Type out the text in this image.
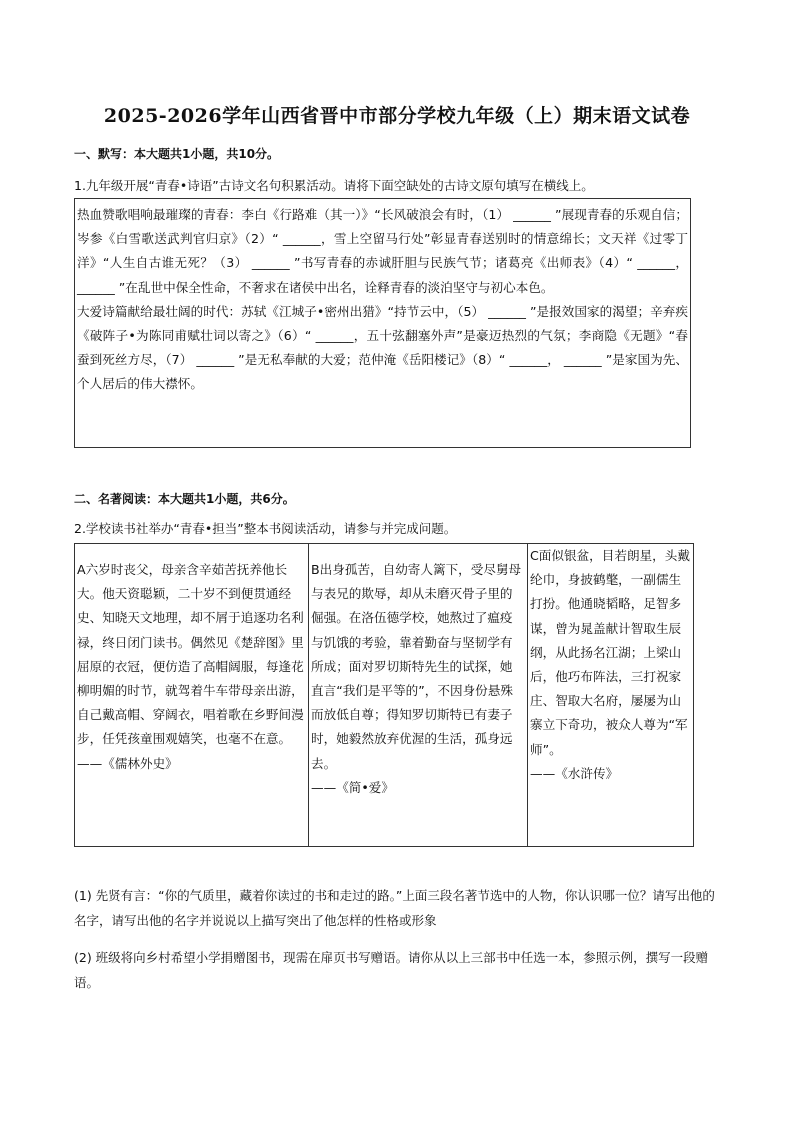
2025-2026学年山西省晋中市部分学校九年级（上）期末语文试卷
一、默写：本大题共1小题，共10分。
1.九年级开展“青春•诗语”古诗文名句积累活动。请将下面空缺处的古诗文原句填写在横线上。

热血赞歌唱响最璀璨的青春：李白《行路难（其一）》“长风破浪会有时，（1） ______ ”展现青春的乐观自信；岑参《白雪歌送武判官归京》（2）“ ______，雪上空留马行处”彰显青春送别时的情意绵长；文天祥《过零丁洋》“人生自古谁无死？（3） ______ ”书写青春的赤诚肝胆与民族气节；诸葛亮《出师表》（4）“ ______， ______ ”在乱世中保全性命，不奢求在诸侯中出名，诠释青春的淡泊坚守与初心本色。

大爱诗篇献给最壮阔的时代：苏轼《江城子•密州出猎》“持节云中，（5） ______ ”是报效国家的渴望；辛弃疾《破阵子•为陈同甫赋壮词以寄之》（6）“ ______，五十弦翻塞外声”是豪迈热烈的气氛；李商隐《无题》“春蚕到死丝方尽，（7） ______ ”是无私奉献的大爱；范仲淹《岳阳楼记》（8）“ ______， ______ ”是家国为先、个人居后的伟大襟怀。

二、名著阅读：本大题共1小题，共6分。
2.学校读书社举办“青春•担当”整本书阅读活动，请参与并完成问题。
A六岁时丧父，母亲含辛茹苦抚养他长大。他天资聪颖，二十岁不到便贯通经史、知晓天文地理，却不屑于追逐功名利禄，终日闭门读书。偶然见《楚辞图》里屈原的衣冠，便仿造了高帽阔服，每逢花柳明媚的时节，就驾着牛车带母亲出游，自己戴高帽、穿阔衣，唱着歌在乡野间漫步，任凭孩童围观嬉笑，也毫不在意。
——《儒林外史》
B出身孤苦，自幼寄人篱下，受尽舅母与表兄的欺辱，却从未磨灭骨子里的倔强。在洛伍德学校，她熬过了瘟疫与饥饿的考验，靠着勤奋与坚韧学有所成；面对罗切斯特先生的试探，她直言“我们是平等的”，不因身份悬殊而放低自尊；得知罗切斯特已有妻子时，她毅然放弃优渥的生活，孤身远去。
——《简•爱》
C面似银盆，目若朗星，头戴纶巾，身披鹤氅，一副儒生打扮。他通晓韬略，足智多谋，曾为晁盖献计智取生辰纲，从此扬名江湖；上梁山后，他巧布阵法，三打祝家庄、智取大名府，屡屡为山寨立下奇功，被众人尊为“军师”。
——《水浒传》
(1) 先贤有言：“你的气质里，藏着你读过的书和走过的路。”上面三段名著节选中的人物，你认识哪一位？请写出他的名字，请写出他的名字并说说以上描写突出了他怎样的性格或形象
(2) 班级将向乡村希望小学捐赠图书，现需在扉页书写赠语。请你从以上三部书中任选一本，参照示例，撰写一段赠语。
